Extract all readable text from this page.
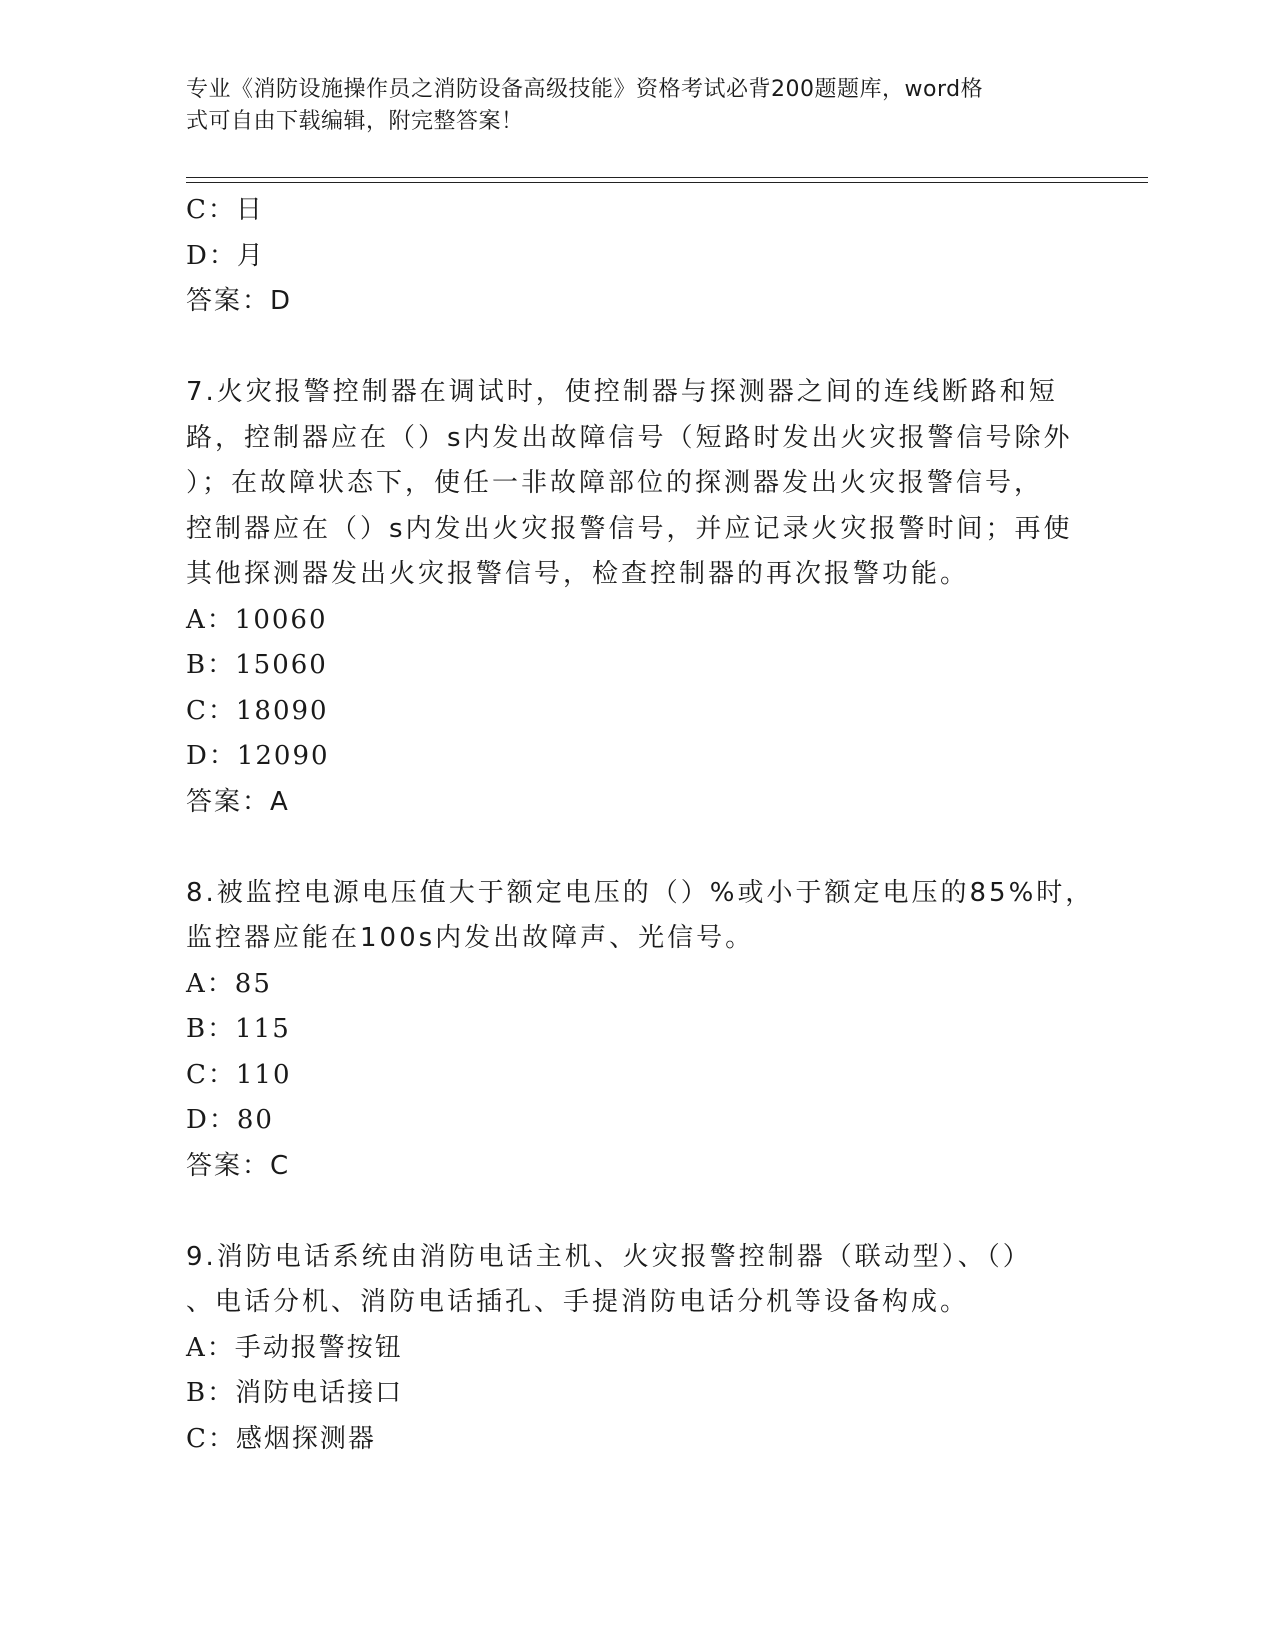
专业《消防设施操作员之消防设备高级技能》资格考试必背200题题库，word格
式可自由下载编辑，附完整答案！
C：日
D：月
答案：D
7.火灾报警控制器在调试时，使控制器与探测器之间的连线断路和短
路，控制器应在（）s内发出故障信号（短路时发出火灾报警信号除外
）；在故障状态下，使任一非故障部位的探测器发出火灾报警信号，
控制器应在（）s内发出火灾报警信号，并应记录火灾报警时间；再使
其他探测器发出火灾报警信号，检查控制器的再次报警功能。
A：10060
B：15060
C：18090
D：12090
答案：A
8.被监控电源电压值大于额定电压的（）%或小于额定电压的85%时，
监控器应能在100s内发出故障声、光信号。
A：85
B：115
C：110
D：80
答案：C
9.消防电话系统由消防电话主机、火灾报警控制器（联动型）、（）
、电话分机、消防电话插孔、手提消防电话分机等设备构成。
A：手动报警按钮
B：消防电话接口
C：感烟探测器
